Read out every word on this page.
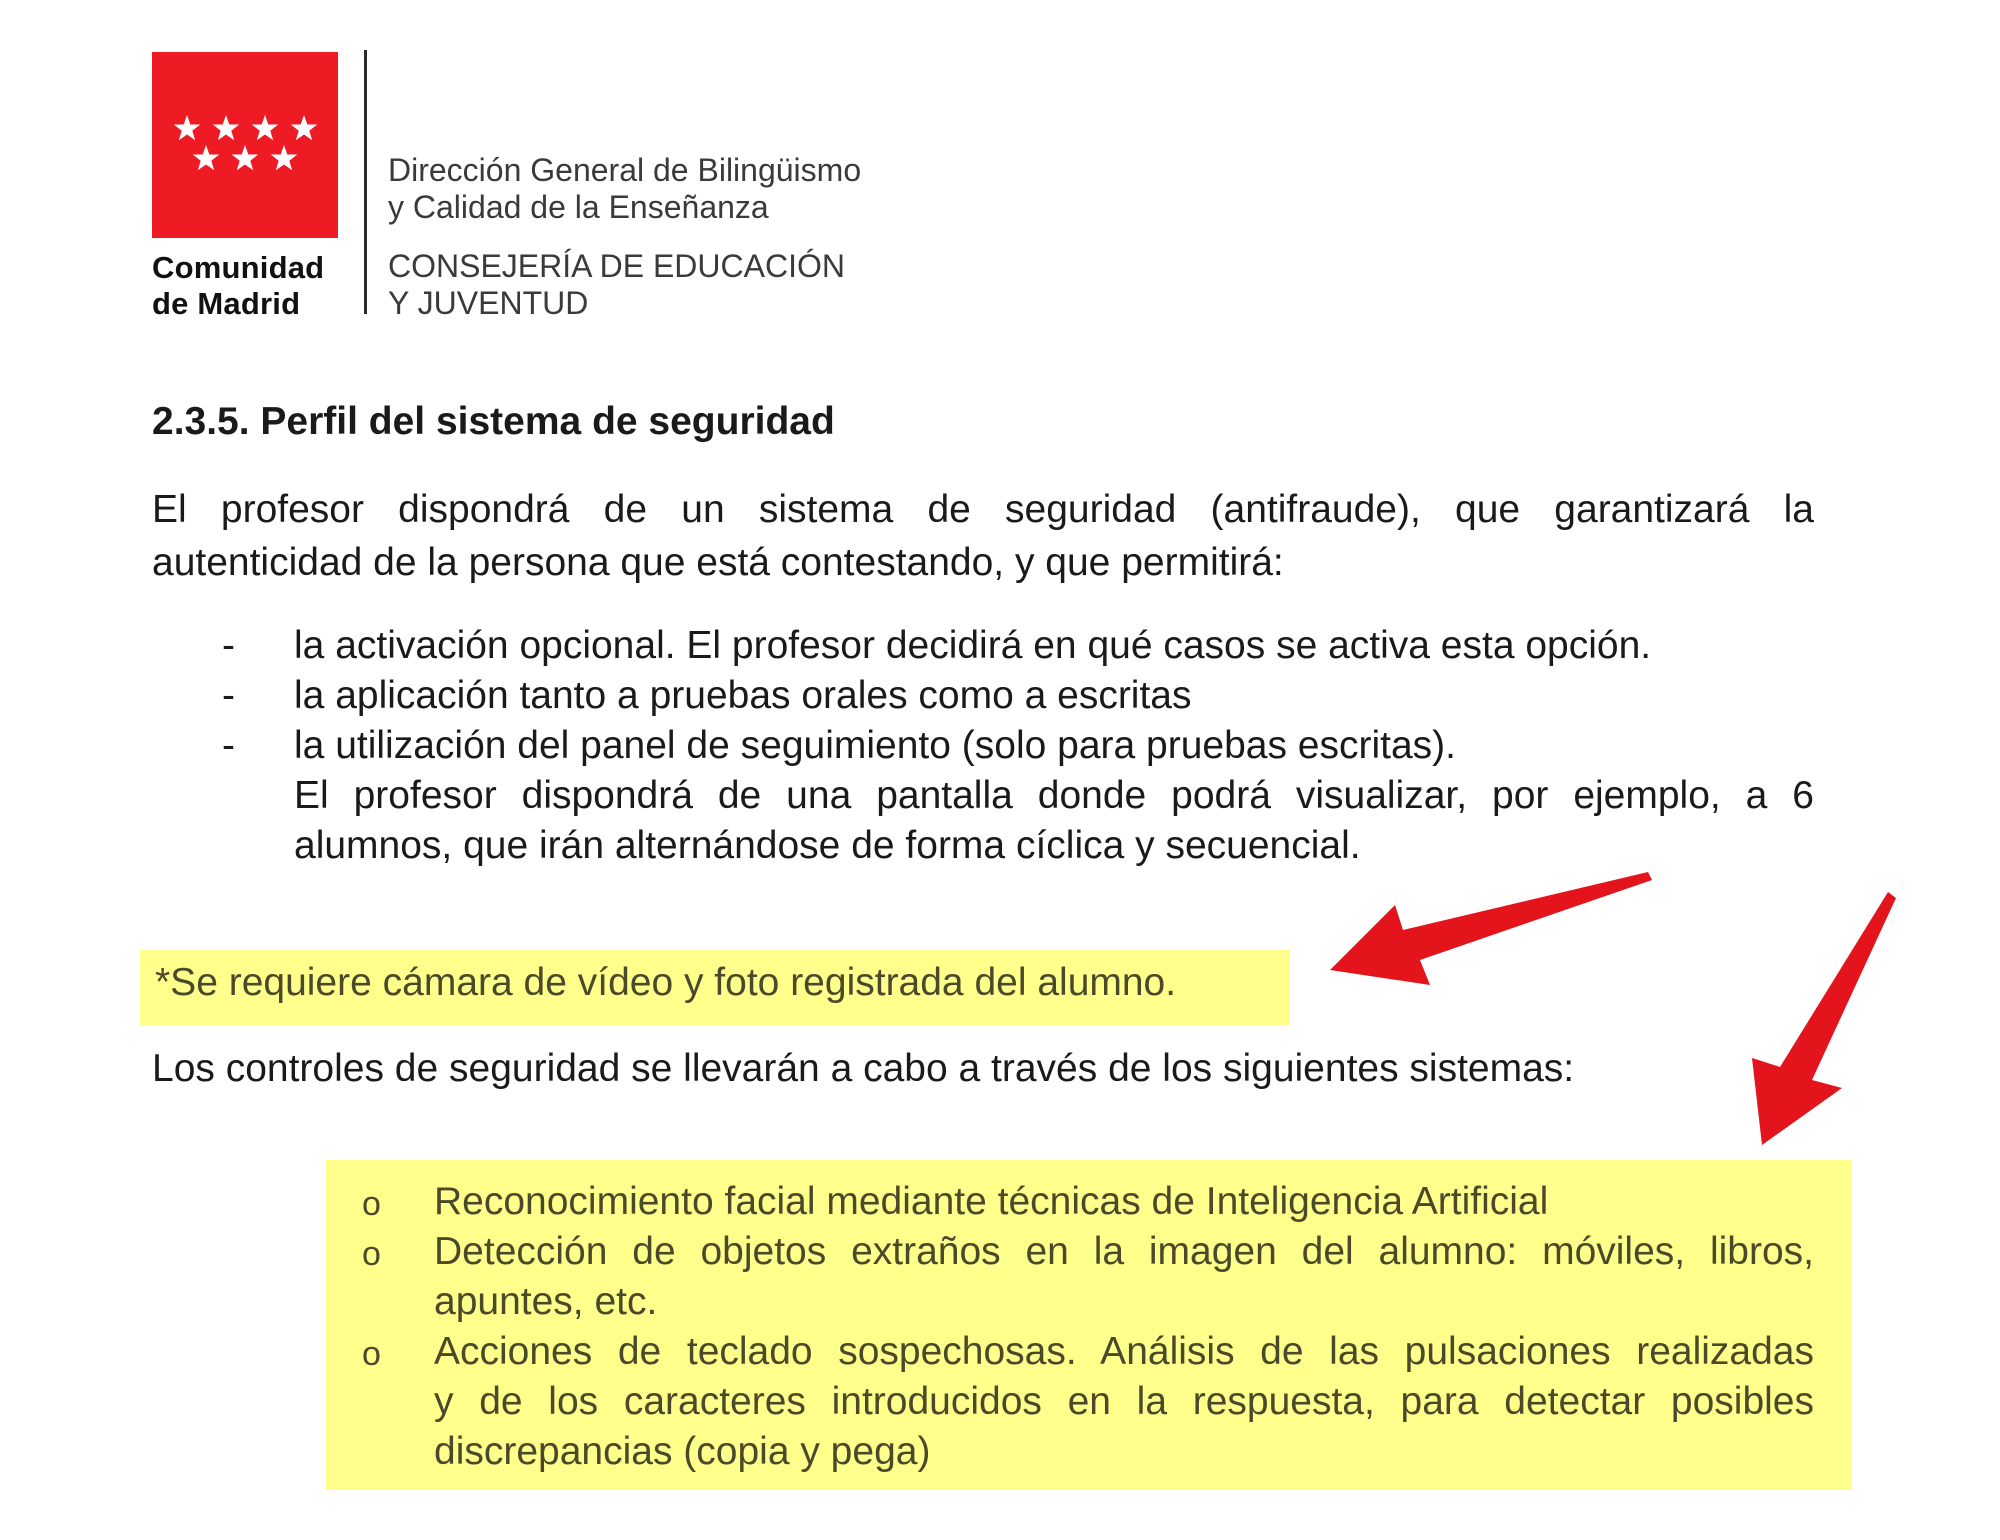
Comunidad
de Madrid
Dirección General de Bilingüismo
y Calidad de la Enseñanza
CONSEJERÍA DE EDUCACIÓN
Y JUVENTUD
2.3.5. Perfil del sistema de seguridad
El profesor dispondrá de un sistema de seguridad (antifraude), que garantizará la
autenticidad de la persona que está contestando, y que permitirá:
- la activación opcional. El profesor decidirá en qué casos se activa esta opción.
- la aplicación tanto a pruebas orales como a escritas
- la utilización del panel de seguimiento (solo para pruebas escritas).
El profesor dispondrá de una pantalla donde podrá visualizar, por ejemplo, a 6
alumnos, que irán alternándose de forma cíclica y secuencial.
*Se requiere cámara de vídeo y foto registrada del alumno.
Los controles de seguridad se llevarán a cabo a través de los siguientes sistemas:
o Reconocimiento facial mediante técnicas de Inteligencia Artificial
o Detección de objetos extraños en la imagen del alumno: móviles, libros,
apuntes, etc.
o Acciones de teclado sospechosas. Análisis de las pulsaciones realizadas
y de los caracteres introducidos en la respuesta, para detectar posibles
discrepancias (copia y pega)
